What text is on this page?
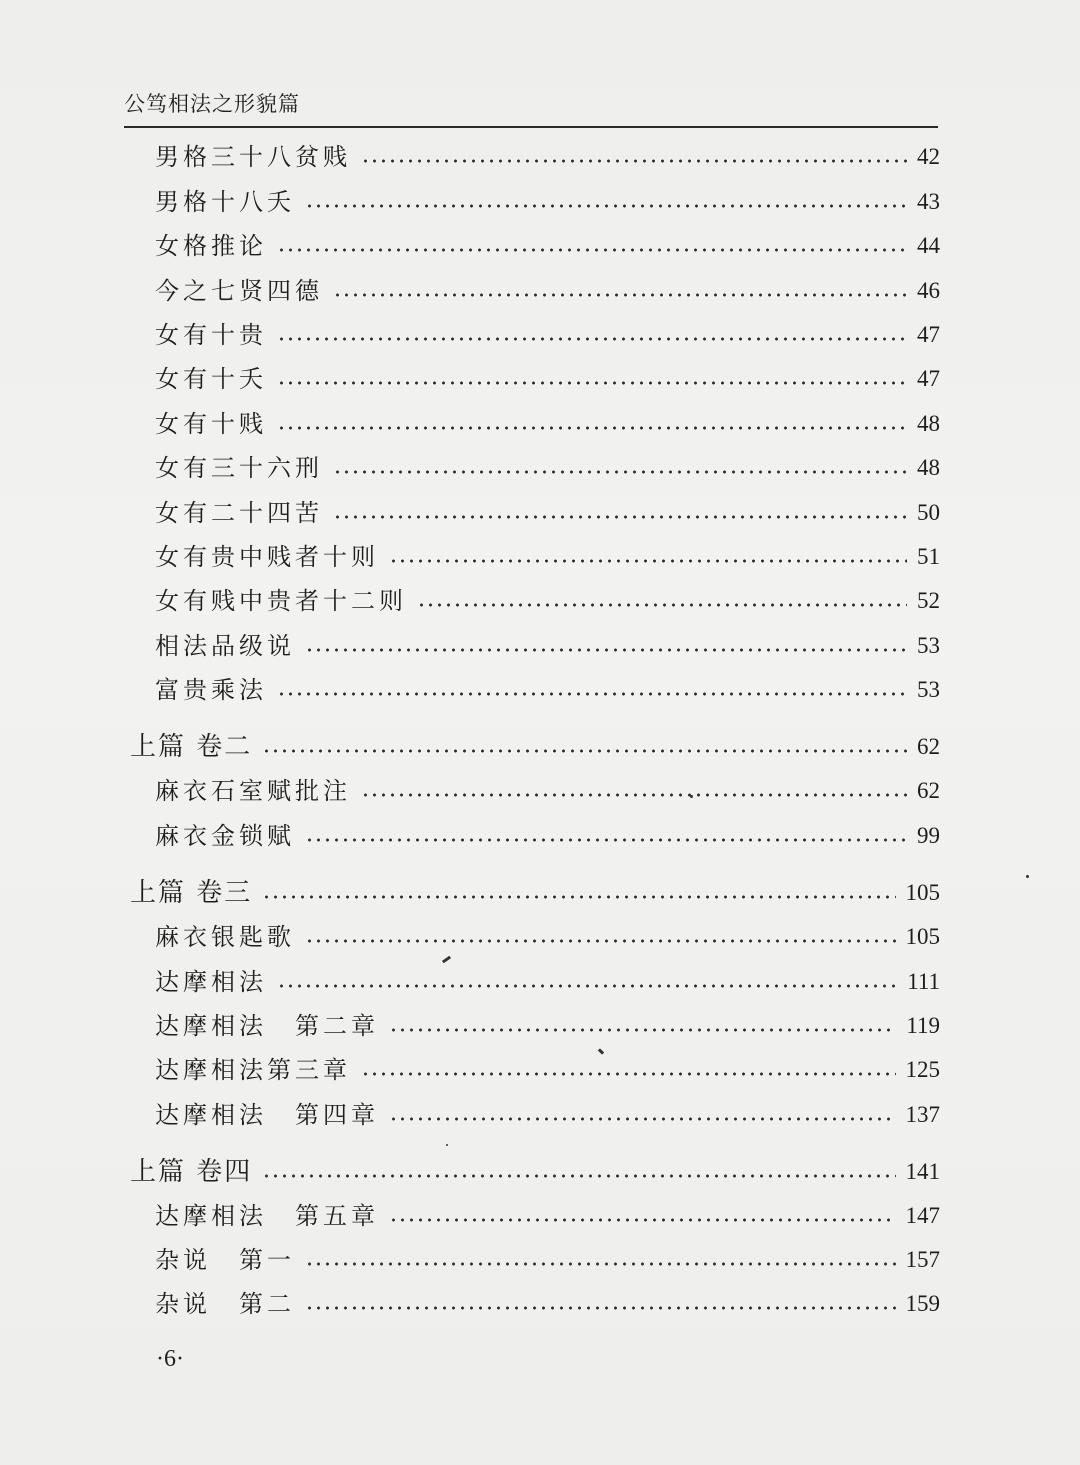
公笃相法之形貌篇
男格三十八贫贱	42
男格十八夭	43
女格推论	44
今之七贤四德	46
女有十贵	47
女有十夭	47
女有十贱	48
女有三十六刑	48
女有二十四苦	50
女有贵中贱者十则	51
女有贱中贵者十二则	52
相法品级说	53
富贵乘法	53
上篇 卷二	62
麻衣石室赋批注	62
麻衣金锁赋	99
上篇 卷三	105
麻衣银匙歌	105
达摩相法	111
达摩相法　第二章	119
达摩相法第三章	125
达摩相法　第四章	137
上篇 卷四	141
达摩相法　第五章	147
杂说　第一	157
杂说　第二	159
·6·
